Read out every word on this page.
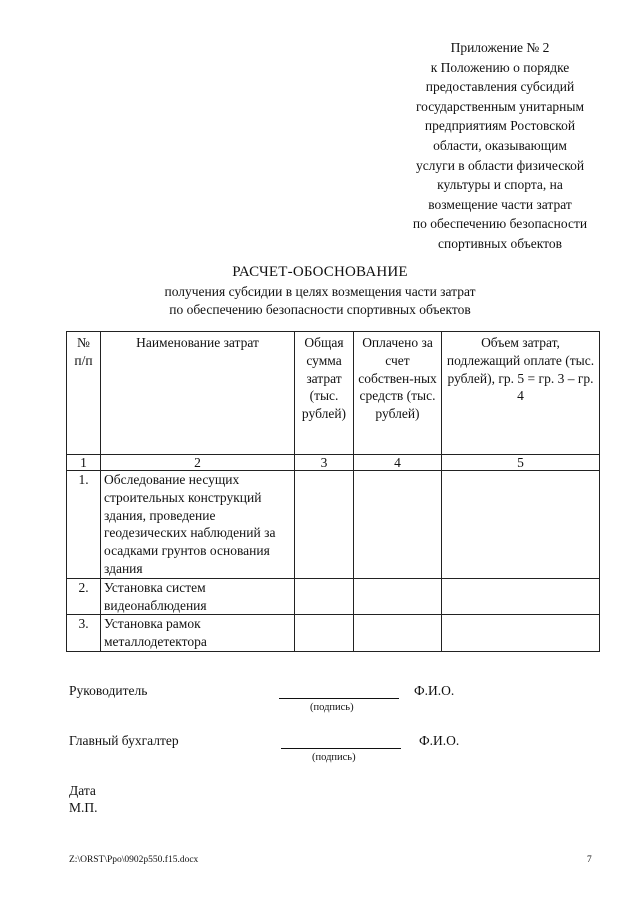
Приложение № 2
к Положению о порядке
предоставления субсидий
государственным унитарным
предприятиям Ростовской
области, оказывающим
услуги в области физической
культуры и спорта, на
возмещение части затрат
по обеспечению безопасности
спортивных объектов
РАСЧЕТ-ОБОСНОВАНИЕ
получения субсидии в целях возмещения части затрат
по обеспечению безопасности спортивных объектов
№ п/п	Наименование затрат	Общая сумма затрат (тыс. рублей)	Оплачено за счет собствен-ных средств (тыс. рублей)	Объем затрат, подлежащий оплате (тыс. рублей), гр. 5 = гр. 3 – гр. 4
1	2	3	4	5
1.	Обследование несущих строительных конструкций здания, проведение геодезических наблюдений за осадками грунтов основания здания			
2.	Установка систем видеонаблюдения			
3.	Установка рамок металлодетектора			
Руководитель	Ф.И.О.
(подпись)
Главный бухгалтер	Ф.И.О.
(подпись)
Дата
М.П.
Z:\ORST\Ppo\0902p550.f15.docx	7
